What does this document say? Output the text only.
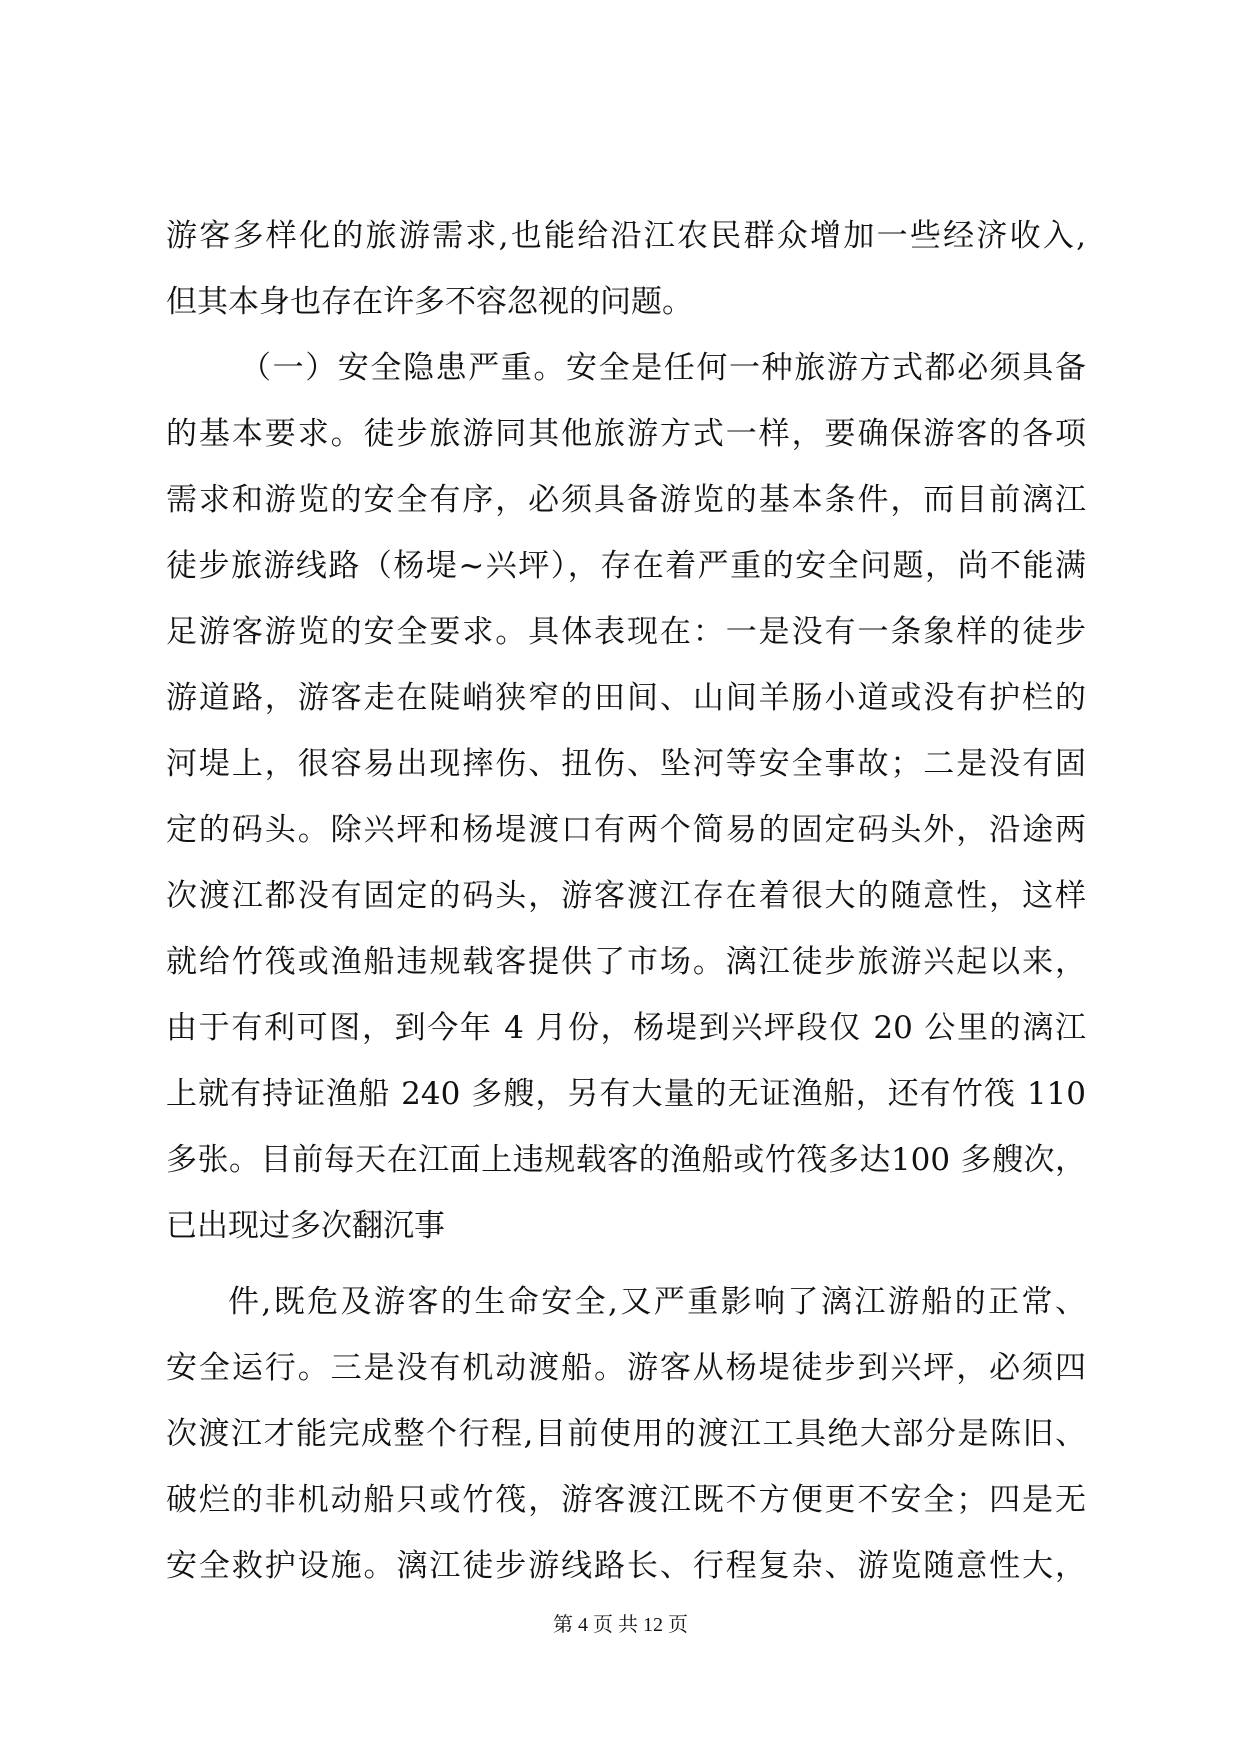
游客多样化的旅游需求,也能给沿江农民群众增加一些经济收入,
但其本身也存在许多不容忽视的问题。
（一）安全隐患严重。安全是任何一种旅游方式都必须具备
的基本要求。徒步旅游同其他旅游方式一样，要确保游客的各项
需求和游览的安全有序，必须具备游览的基本条件，而目前漓江
徒步旅游线路（杨堤~兴坪），存在着严重的安全问题，尚不能满
足游客游览的安全要求。具体表现在：一是没有一条象样的徒步
游道路，游客走在陡峭狭窄的田间、山间羊肠小道或没有护栏的
河堤上，很容易出现摔伤、扭伤、坠河等安全事故；二是没有固
定的码头。除兴坪和杨堤渡口有两个简易的固定码头外，沿途两
次渡江都没有固定的码头，游客渡江存在着很大的随意性，这样
就给竹筏或渔船违规载客提供了市场。漓江徒步旅游兴起以来，
由于有利可图，到今年 4 月份，杨堤到兴坪段仅 20 公里的漓江
上就有持证渔船 240 多艘，另有大量的无证渔船，还有竹筏 110
多张。目前每天在江面上违规载客的渔船或竹筏多达100 多艘次，
已出现过多次翻沉事
件,既危及游客的生命安全,又严重影响了漓江游船的正常、
安全运行。三是没有机动渡船。游客从杨堤徒步到兴坪，必须四
次渡江才能完成整个行程,目前使用的渡江工具绝大部分是陈旧、
破烂的非机动船只或竹筏，游客渡江既不方便更不安全；四是无
安全救护设施。漓江徒步游线路长、行程复杂、游览随意性大，
第 4 页 共 12 页
